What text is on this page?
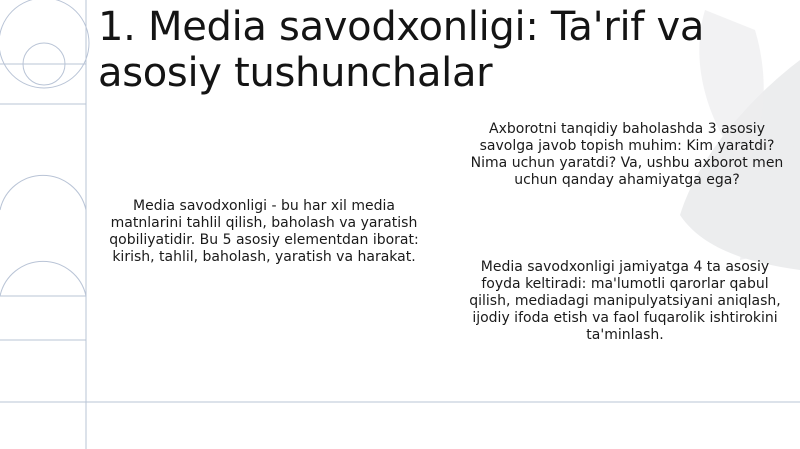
1. Media savodxonligi: Ta'rif va asosiy tushunchalar

Media savodxonligi - bu har xil media matnlarini tahlil qilish, baholash va yaratish qobiliyatidir. Bu 5 asosiy elementdan iborat: kirish, tahlil, baholash, yaratish va harakat.

Axborotni tanqidiy baholashda 3 asosiy savolga javob topish muhim: Kim yaratdi? Nima uchun yaratdi? Va, ushbu axborot men uchun qanday ahamiyatga ega?

Media savodxonligi jamiyatga 4 ta asosiy foyda keltiradi: ma'lumotli qarorlar qabul qilish, mediadagi manipulyatsiyani aniqlash, ijodiy ifoda etish va faol fuqarolik ishtirokini ta'minlash.
